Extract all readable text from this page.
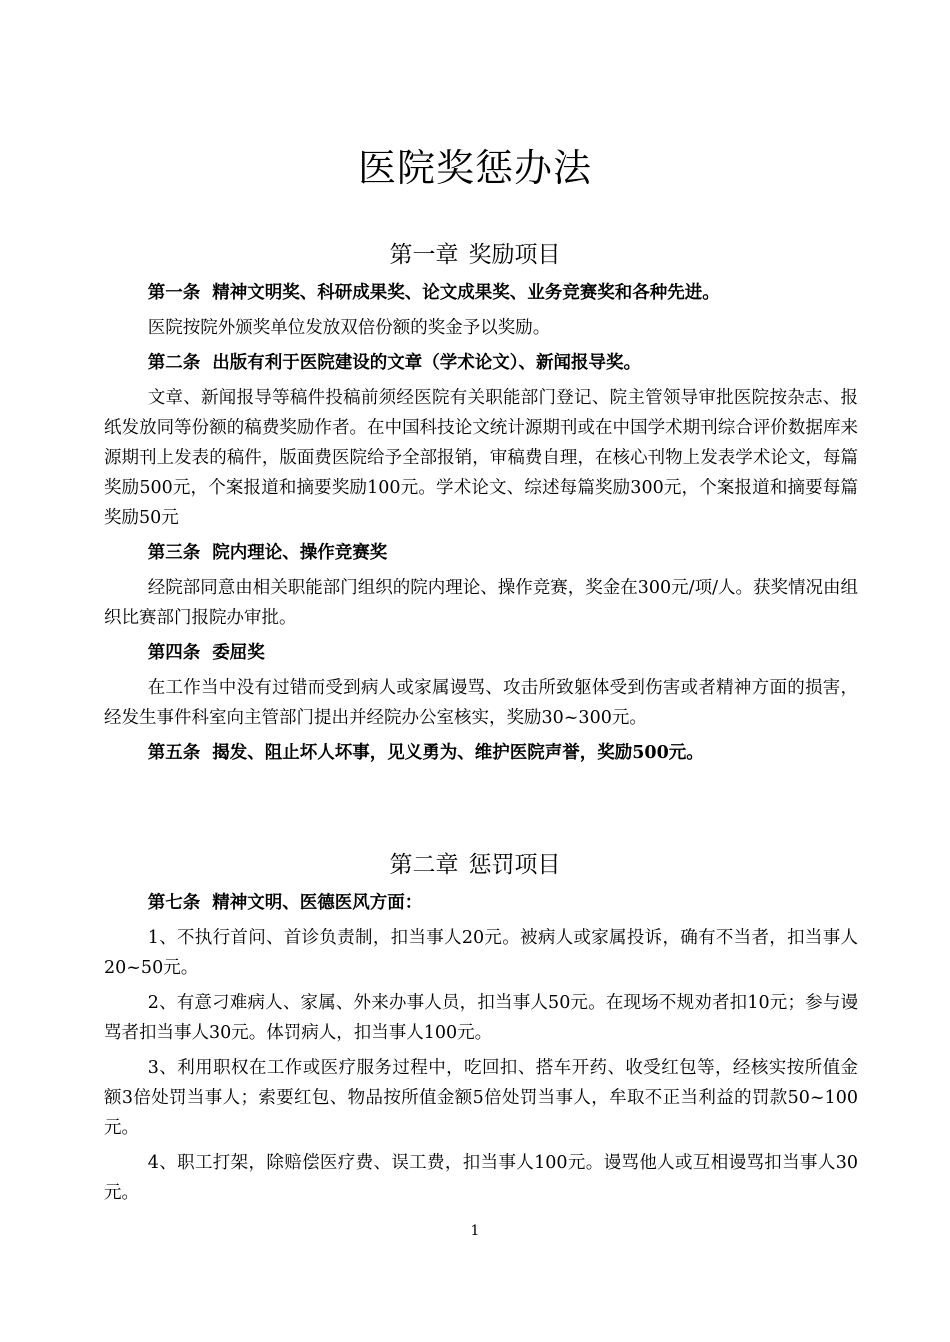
医院奖惩办法
第一章 奖励项目
第一条 精神文明奖、科研成果奖、论文成果奖、业务竞赛奖和各种先进。

医院按院外颁奖单位发放双倍份额的奖金予以奖励。

第二条 出版有利于医院建设的文章（学术论文）、新闻报导奖。

文章、新闻报导等稿件投稿前须经医院有关职能部门登记、院主管领导审批医院按杂志、报纸发放同等份额的稿费奖励作者。在中国科技论文统计源期刊或在中国学术期刊综合评价数据库来源期刊上发表的稿件，版面费医院给予全部报销，审稿费自理，在核心刊物上发表学术论文，每篇奖励500元，个案报道和摘要奖励100元。学术论文、综述每篇奖励300元，个案报道和摘要每篇奖励50元

第三条 院内理论、操作竞赛奖

经院部同意由相关职能部门组织的院内理论、操作竞赛，奖金在300元/项/人。获奖情况由组织比赛部门报院办审批。

第四条 委屈奖

在工作当中没有过错而受到病人或家属谩骂、攻击所致躯体受到伤害或者精神方面的损害，经发生事件科室向主管部门提出并经院办公室核实，奖励30~300元。

第五条 揭发、阻止坏人坏事，见义勇为、维护医院声誉，奖励500元。
第二章 惩罚项目
第七条 精神文明、医德医风方面：

1、不执行首问、首诊负责制，扣当事人20元。被病人或家属投诉，确有不当者，扣当事人20~50元。

2、有意刁难病人、家属、外来办事人员，扣当事人50元。在现场不规劝者扣10元；参与谩骂者扣当事人30元。体罚病人，扣当事人100元。

3、利用职权在工作或医疗服务过程中，吃回扣、搭车开药、收受红包等，经核实按所值金额3倍处罚当事人；索要红包、物品按所值金额5倍处罚当事人，牟取不正当利益的罚款50~100元。

4、职工打架，除赔偿医疗费、误工费，扣当事人100元。谩骂他人或互相谩骂扣当事人30元。

1
